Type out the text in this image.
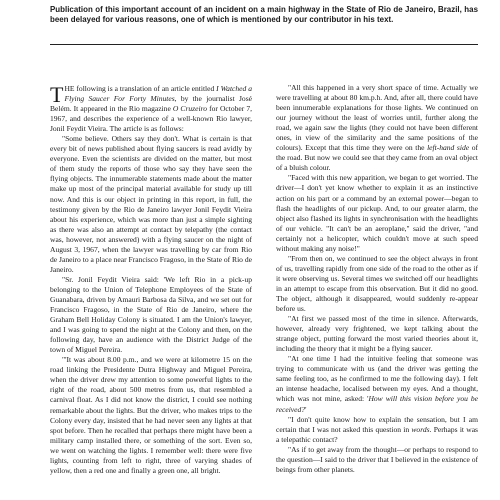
Publication of this important account of an incident on a main highway in the State of Rio de Janeiro, Brazil, has been delayed for various reasons, one of which is mentioned by our contributor in his text.

THE following is a translation of an article entitled I Watched a Flying Saucer For Forty Minutes, by the journalist José Belém. It appeared in the Rio magazine O Cruzeiro for October 7, 1967, and describes the experience of a well-known Rio lawyer, Jonil Feydit Vieira. The article is as follows:

"Some believe. Others say they don't. What is certain is that every bit of news published about flying saucers is read avidly by everyone. Even the scientists are divided on the matter, but most of them study the reports of those who say they have seen the flying objects. The innumerable statements made about the matter make up most of the principal material available for study up till now. And this is our object in printing in this report, in full, the testimony given by the Rio de Janeiro lawyer Jonil Feydit Vieira about his experience, which was more than just a simple sighting as there was also an attempt at contact by telepathy (the contact was, however, not answered) with a flying saucer on the night of August 3, 1967, when the lawyer was travelling by car from Rio de Janeiro to a place near Francisco Fragoso, in the State of Rio de Janeiro.

"Sr. Jonil Feydit Vieira said: 'We left Rio in a pick-up belonging to the Union of Telephone Employees of the State of Guanabara, driven by Amauri Barbosa da Silva, and we set out for Francisco Fragoso, in the State of Rio de Janeiro, where the Graham Bell Holiday Colony is situated. I am the Union's lawyer, and I was going to spend the night at the Colony and then, on the following day, have an audience with the District Judge of the town of Miguel Pereira.

"'It was about 8.00 p.m., and we were at kilometre 15 on the road linking the Presidente Dutra Highway and Miguel Pereira, when the driver drew my attention to some powerful lights to the right of the road, about 500 metres from us, that resembled a carnival float. As I did not know the district, I could see nothing remarkable about the lights. But the driver, who makes trips to the Colony every day, insisted that he had never seen any lights at that spot before. Then he recalled that perhaps there might have been a military camp installed there, or something of the sort. Even so, we went on watching the lights. I remember well: there were five lights, counting from left to right, three of varying shades of yellow, then a red one and finally a green one, all bright.

"All this happened in a very short space of time. Actually we were travelling at about 80 km.p.h. And, after all, there could have been innumerable explanations for those lights. We continued on our journey without the least of worries until, further along the road, we again saw the lights (they could not have been different ones, in view of the similarity and the same positions of the colours). Except that this time they were on the left-hand side of the road. But now we could see that they came from an oval object of a bluish colour.

"Faced with this new apparition, we began to get worried. The driver—I don't yet know whether to explain it as an instinctive action on his part or a command by an external power—began to flash the headlights of our pickup. And, to our greater alarm, the object also flashed its lights in synchronisation with the headlights of our vehicle. "It can't be an aeroplane," said the driver, "and certainly not a helicopter, which couldn't move at such speed without making any noise!"

"From then on, we continued to see the object always in front of us, travelling rapidly from one side of the road to the other as if it were observing us. Several times we switched off our headlights in an attempt to escape from this observation. But it did no good. The object, although it disappeared, would suddenly re-appear before us.

"At first we passed most of the time in silence. Afterwards, however, already very frightened, we kept talking about the strange object, putting forward the most varied theories about it, including the theory that it might be a flying saucer.

"At one time I had the intuitive feeling that someone was trying to communicate with us (and the driver was getting the same feeling too, as he confirmed to me the following day). I felt an intense headache, localised between my eyes. And a thought, which was not mine, asked: 'How will this vision before you be received?'

"I don't quite know how to explain the sensation, but I am certain that I was not asked this question in words. Perhaps it was a telepathic contact?

"As if to get away from the thought—or perhaps to respond to the question—I said to the driver that I believed in the existence of beings from other planets.
